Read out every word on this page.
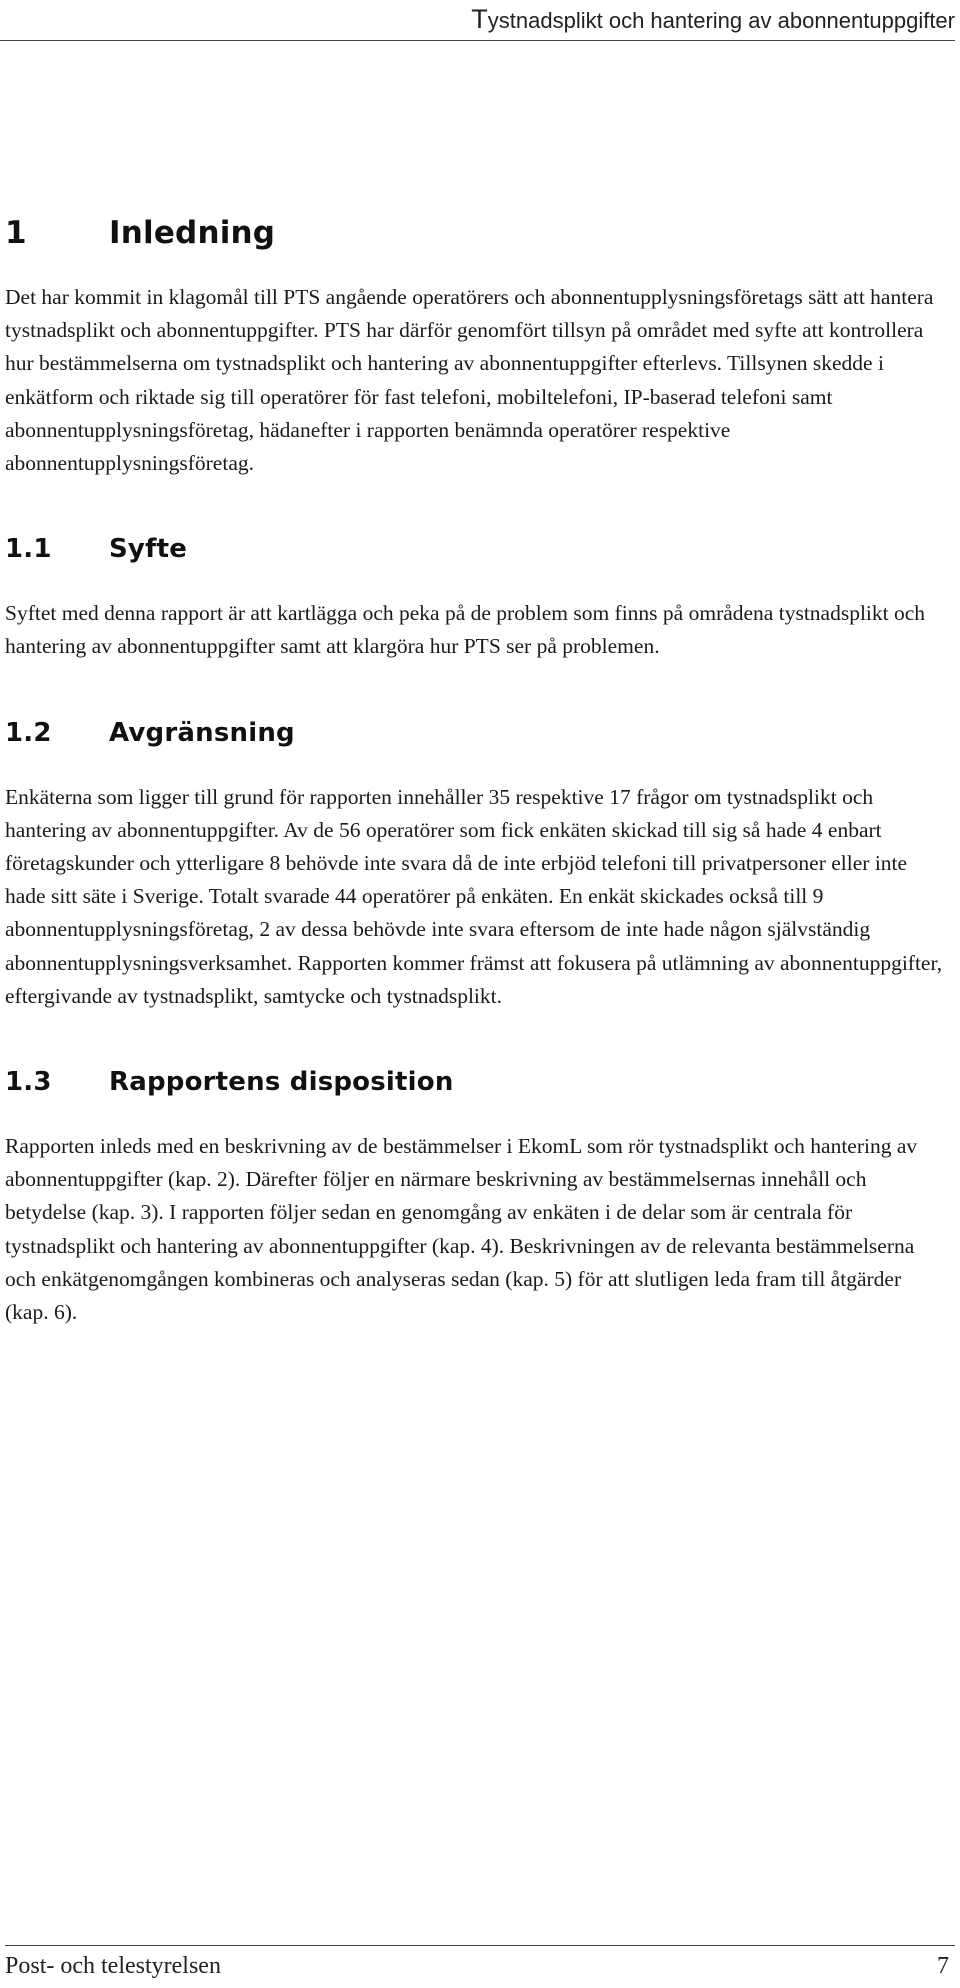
Tystnadsplikt och hantering av abonnentuppgifter
1	Inledning

Det har kommit in klagomål till PTS angående operatörers och abonnentupplysningsföretags sätt att hantera tystnadsplikt och abonnentuppgifter. PTS har därför genomfört tillsyn på området med syfte att kontrollera hur bestämmelserna om tystnadsplikt och hantering av abonnentuppgifter efterlevs. Tillsynen skedde i enkätform och riktade sig till operatörer för fast telefoni, mobiltelefoni, IP-baserad telefoni samt abonnentupplysningsföretag, hädanefter i rapporten benämnda operatörer respektive abonnentupplysningsföretag.

1.1 Syfte

Syftet med denna rapport är att kartlägga och peka på de problem som finns på områdena tystnadsplikt och hantering av abonnentuppgifter samt att klargöra hur PTS ser på problemen.

1.2 Avgränsning

Enkäterna som ligger till grund för rapporten innehåller 35 respektive 17 frågor om tystnadsplikt och hantering av abonnentuppgifter. Av de 56 operatörer som fick enkäten skickad till sig så hade 4 enbart företagskunder och ytterligare 8 behövde inte svara då de inte erbjöd telefoni till privatpersoner eller inte hade sitt säte i Sverige. Totalt svarade 44 operatörer på enkäten. En enkät skickades också till 9 abonnentupplysningsföretag, 2 av dessa behövde inte svara eftersom de inte hade någon självständig abonnentupplysningsverksamhet. Rapporten kommer främst att fokusera på utlämning av abonnentuppgifter, eftergivande av tystnadsplikt, samtycke och tystnadsplikt.

1.3 Rapportens disposition

Rapporten inleds med en beskrivning av de bestämmelser i EkomL som rör tystnadsplikt och hantering av abonnentuppgifter (kap. 2). Därefter följer en närmare beskrivning av bestämmelsernas innehåll och betydelse (kap. 3). I rapporten följer sedan en genomgång av enkäten i de delar som är centrala för tystnadsplikt och hantering av abonnentuppgifter (kap. 4). Beskrivningen av de relevanta bestämmelserna och enkätgenomgången kombineras och analyseras sedan (kap. 5) för att slutligen leda fram till åtgärder (kap. 6).

Post- och telestyrelsen	7
